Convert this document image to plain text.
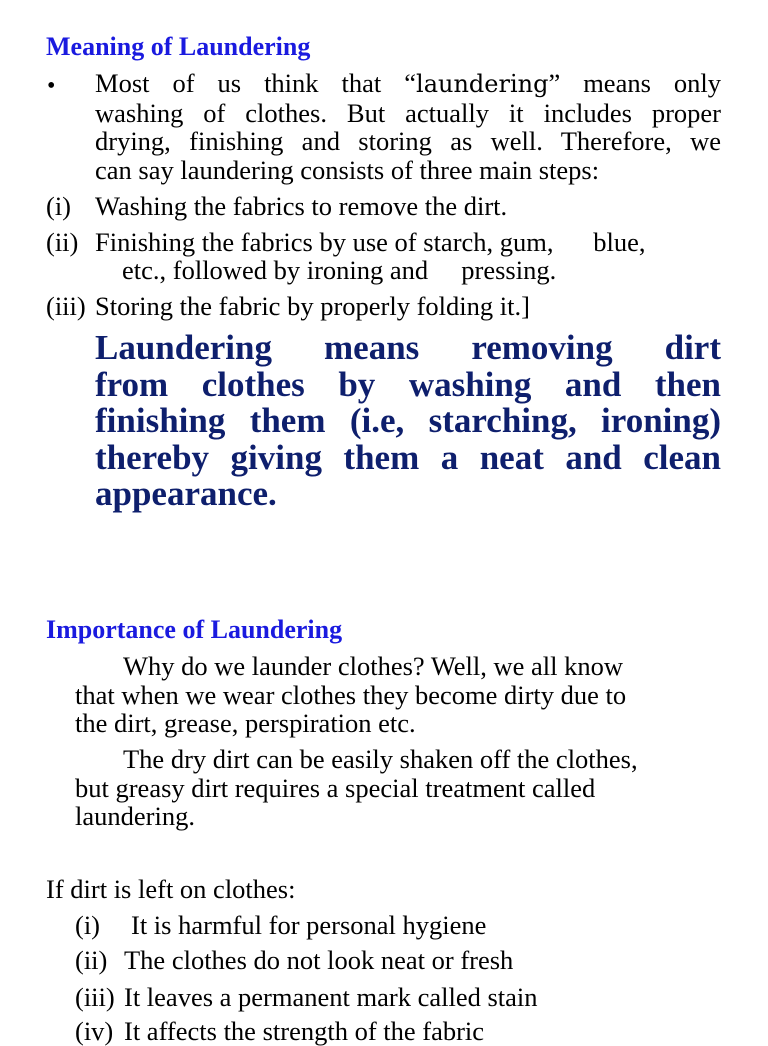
Meaning of Laundering
• Most of us think that “laundering” means only
washing of clothes. But actually it includes proper
drying, finishing and storing as well. Therefore, we
can say laundering consists of three main steps:
(i) Washing the fabrics to remove the dirt.
(ii) Finishing the fabrics by use of starch, gum,      blue,
etc., followed by ironing and     pressing.
(iii) Storing the fabric by properly folding it.]
Laundering means removing dirt
from clothes by washing and then
finishing them (i.e, starching, ironing)
thereby giving them a neat and clean
appearance.
Importance of Laundering
Why do we launder clothes? Well, we all know
that when we wear clothes they become dirty due to
the dirt, grease, perspiration etc.
The dry dirt can be easily shaken off the clothes,
but greasy dirt requires a special treatment called
laundering.
If dirt is left on clothes:
(i) It is harmful for personal hygiene
(ii) The clothes do not look neat or fresh
(iii) It leaves a permanent mark called stain
(iv) It affects the strength of the fabric
